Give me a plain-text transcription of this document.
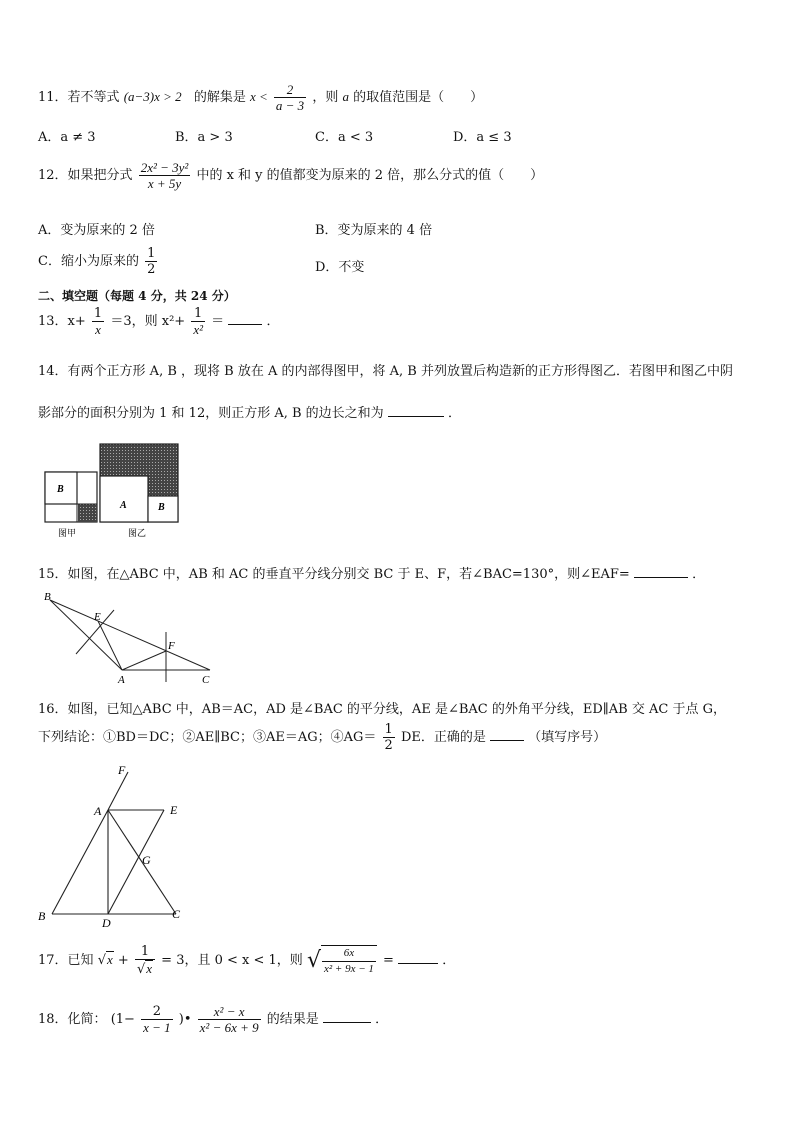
11．若不等式 (a−3)x > 2 的解集是 $x < \frac{2}{a - 3}$ ，则 a 的取值范围是（　　）
A．a ≠ 3	B．a > 3	C．a < 3	D．a ≤ 3
12．如果把分式 $\frac{\text{2x² − 3y²}}{x + 5y}$ 中的 x 和 y 的值都变为原来的 2 倍，那么分式的值（　　）
A．变为原来的 2 倍	B．变为原来的 4 倍
C．缩小为原来的 $\frac{1}{2}$	D．不变
二、填空题（每题 4 分，共 24 分）
13．$x+ \frac{1}{x} =3$，则 $x^2+ \frac{1}{\text{x²}}$ ＝	．
14．有两个正方形 A, B ，现将 B 放在 A 的内部得图甲，将 A, B 并列放置后构造新的正方形得图乙．若图甲和图乙中阴
影部分的面积分别为 1 和 12，则正方形 A, B 的边长之和为	．
B
A	B
图甲	图乙
15．如图，在△ABC 中，AB 和 AC 的垂直平分线分别交 BC 于 E、F，若∠BAC=130°，则∠EAF=	．
B
E
F
A	C
16．如图，已知△ABC 中，AB＝AC，AD 是∠BAC 的平分线，AE 是∠BAC 的外角平分线，ED∥AB 交 AC 于点 G，
下列结论：①BD＝DC；②AE∥BC；③AE＝AG；④AG＝ $\frac{1}{2}$ DE．正确的是	（填写序号）
F
A	E
G
B	D
C
17．已知 $√x + \frac{1}{√x} = 3$，且 0 < x < 1，则 √ $\frac{6x}{\text{x² + 9x − 1}}$ =	．
18．化简： ($1- \frac{2}{x - 1}$ )• $\frac{\text{x² − x}}{\text{x² − 6x + 9}}$ 的结果是	．
